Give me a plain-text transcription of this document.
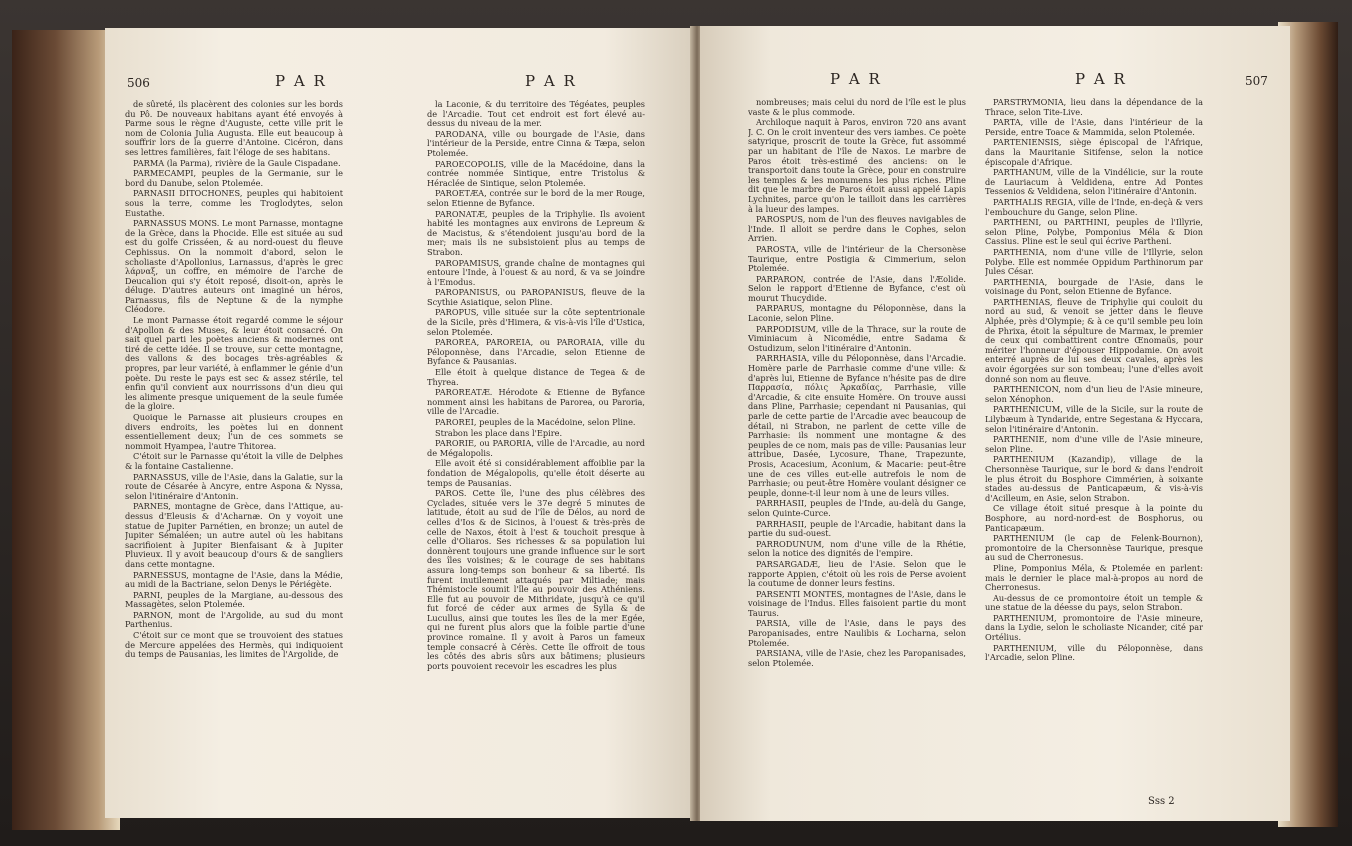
506	P A R	P A R

de sûreté, ils placèrent des colonies sur les bords du Pô. De nouveaux habitans ayant été envoyés à Parme sous le règne d'Auguste, cette ville prit le nom de Colonia Julia Augusta. Elle eut beaucoup à souffrir lors de la guerre d'Antoine. Cicéron, dans ses lettres familières, fait l'éloge de ses habitans.

PARMA (la Parma), rivière de la Gaule Cispadane.

PARMECAMPI, peuples de la Germanie, sur le bord du Danube, selon Ptolemée.

PARNASII DITOCHONES, peuples qui habitoient sous la terre, comme les Troglodytes, selon Eustathe.

PARNASSUS MONS. Le mont Parnasse, montagne de la Grèce, dans la Phocide. Elle est située au sud est du golfe Crisséen, & au nord-ouest du fleuve Cephissus. On la nommoit d'abord, selon le scholiaste d'Apollonius, Larnassus, d'après le grec λάρναξ, un coffre, en mémoire de l'arche de Deucalion qui s'y étoit reposé, disoit-on, après le déluge. D'autres auteurs ont imaginé un héros, Parnassus, fils de Neptune & de la nymphe Cléodore.

Le mont Parnasse étoit regardé comme le séjour d'Apollon & des Muses, & leur étoit consacré. On sait quel parti les poètes anciens & modernes ont tiré de cette idée. Il se trouve, sur cette montagne, des vallons & des bocages très-agréables & propres, par leur variété, à enflammer le génie d'un poète. Du reste le pays est sec & assez stérile, tel enfin qu'il convient aux nourrissons d'un dieu qui les alimente presque uniquement de la seule fumée de la gloire.

Quoique le Parnasse ait plusieurs croupes en divers endroits, les poètes lui en donnent essentiellement deux; l'un de ces sommets se nommoit Hyampea, l'autre Thitorea.

C'étoit sur le Parnasse qu'étoit la ville de Delphes & la fontaine Castalienne.

PARNASSUS, ville de l'Asie, dans la Galatie, sur la route de Césarée à Ancyre, entre Aspona & Nyssa, selon l'itinéraire d'Antonin.

PARNES, montagne de Grèce, dans l'Attique, au-dessus d'Eleusis & d'Acharnæ. On y voyoit une statue de Jupiter Parnétien, en bronze; un autel de Jupiter Sémaléen; un autre autel où les habitans sacrifioient à Jupiter Bienfaisant & à Jupiter Pluvieux. Il y avoit beaucoup d'ours & de sangliers dans cette montagne.

PARNESSUS, montagne de l'Asie, dans la Médie, au midi de la Bactriane, selon Denys le Périégète.

PARNI, peuples de la Margiane, au-dessous des Massagètes, selon Ptolemée.

PARNON, mont de l'Argolide, au sud du mont Parthenius.

C'étoit sur ce mont que se trouvoient des statues de Mercure appelées des Hermès, qui indiquoient du temps de Pausanias, les limites de l'Argolide, de

la Laconie, & du territoire des Tégéates, peuples de l'Arcadie. Tout cet endroit est fort élevé au-dessus du niveau de la mer.

PARODANA, ville ou bourgade de l'Asie, dans l'intérieur de la Perside, entre Cinna & Tæpa, selon Ptolemée.

PAROECOPOLIS, ville de la Macédoine, dans la contrée nommée Sintique, entre Tristolus & Héraclée de Sintique, selon Ptolemée.

PAROETÆA, contrée sur le bord de la mer Rouge, selon Etienne de Byfance.

PARONATÆ, peuples de la Triphylie. Ils avoient habité les montagnes aux environs de Lepreum & de Macistus, & s'étendoient jusqu'au bord de la mer; mais ils ne subsistoient plus au temps de Strabon.

PAROPAMISUS, grande chaîne de montagnes qui entoure l'Inde, à l'ouest & au nord, & va se joindre à l'Emodus.

PAROPANISUS, ou PAROPANISUS, fleuve de la Scythie Asiatique, selon Pline.

PAROPUS, ville située sur la côte septentrionale de la Sicile, près d'Himera, & vis-à-vis l'île d'Ustica, selon Ptolemée.

PAROREA, PAROREIA, ou PARORAIA, ville du Péloponnèse, dans l'Arcadie, selon Etienne de Byfance & Pausanias.

Elle étoit à quelque distance de Tegea & de Thyrea.

PAROREATÆ. Hérodote & Etienne de Byfance nomment ainsi les habitans de Parorea, ou Paroria, ville de l'Arcadie.

PAROREI, peuples de la Macédoine, selon Pline.

Strabon les place dans l'Epire.

PARORIE, ou PARORIA, ville de l'Arcadie, au nord de Mégalopolis.

Elle avoit été si considérablement affoiblie par la fondation de Mégalopolis, qu'elle étoit déserte au temps de Pausanias.

PAROS. Cette île, l'une des plus célèbres des Cyclades, située vers le 37e degré 5 minutes de latitude, étoit au sud de l'île de Délos, au nord de celles d'Ios & de Sicinos, à l'ouest & très-près de celle de Naxos, étoit à l'est & touchoit presque à celle d'Oliaros. Ses richesses & sa population lui donnèrent toujours une grande influence sur le sort des îles voisines; & le courage de ses habitans assura long-temps son bonheur & sa liberté. Ils furent inutilement attaqués par Miltiade; mais Thémistocle soumit l'île au pouvoir des Athéniens. Elle fut au pouvoir de Mithridate, jusqu'à ce qu'il fut forcé de céder aux armes de Sylla & de Lucullus, ainsi que toutes les îles de la mer Egée, qui ne furent plus alors que la foible partie d'une province romaine. Il y avoit à Paros un fameux temple consacré à Cérès. Cette île offroit de tous les côtés des abris sûrs aux bâtimens; plusieurs ports pouvoient recevoir les escadres les plus

P A R	P A R	507

nombreuses; mais celui du nord de l'île est le plus vaste & le plus commode.

Archiloque naquit à Paros, environ 720 ans avant J. C. On le croit inventeur des vers iambes. Ce poète satyrique, proscrit de toute la Grèce, fut assommé par un habitant de l'île de Naxos. Le marbre de Paros étoit très-estimé des anciens: on le transportoit dans toute la Grèce, pour en construire les temples & les monumens les plus riches. Pline dit que le marbre de Paros étoit aussi appelé Lapis Lychnites, parce qu'on le tailloit dans les carrières à la lueur des lampes.

PAROSPUS, nom de l'un des fleuves navigables de l'Inde. Il alloit se perdre dans le Cophes, selon Arrien.

PAROSTA, ville de l'intérieur de la Chersonèse Taurique, entre Postigia & Cimmerium, selon Ptolemée.

PARPARON, contrée de l'Asie, dans l'Æolide. Selon le rapport d'Etienne de Byfance, c'est où mourut Thucydide.

PARPARUS, montagne du Péloponnèse, dans la Laconie, selon Pline.

PARPODISUM, ville de la Thrace, sur la route de Viminiacum à Nicomédie, entre Sadama & Ostudizum, selon l'itinéraire d'Antonin.

PARRHASIA, ville du Péloponnèse, dans l'Arcadie. Homère parle de Parrhasie comme d'une ville: & d'après lui, Etienne de Byfance n'hésite pas de dire Παρρασία, πόλις Ἀρκαδίας, Parrhasie, ville d'Arcadie, & cite ensuite Homère. On trouve aussi dans Pline, Parrhasie; cependant ni Pausanias, qui parle de cette partie de l'Arcadie avec beaucoup de détail, ni Strabon, ne parlent de cette ville de Parrhasie: ils nomment une montagne & des peuples de ce nom, mais pas de ville: Pausanias leur attribue, Dasée, Lycosure, Thane, Trapezunte, Prosis, Acacesium, Aconium, & Macarie: peut-être une de ces villes eut-elle autrefois le nom de Parrhasie; ou peut-être Homère voulant désigner ce peuple, donne-t-il leur nom à une de leurs villes.

PARRHASII, peuples de l'Inde, au-delà du Gange, selon Quinte-Curce.

PARRHASII, peuple de l'Arcadie, habitant dans la partie du sud-ouest.

PARRODUNUM, nom d'une ville de la Rhétie, selon la notice des dignités de l'empire.

PARSARGADÆ, lieu de l'Asie. Selon que le rapporte Appien, c'étoit où les rois de Perse avoient la coutume de donner leurs festins.

PARSENTI MONTES, montagnes de l'Asie, dans le voisinage de l'Indus. Elles faisoient partie du mont Taurus.

PARSIA, ville de l'Asie, dans le pays des Paropanisades, entre Naulibis & Locharna, selon Ptolemée.

PARSIANA, ville de l'Asie, chez les Paropanisades, selon Ptolemée.

PARSTRYMONIA, lieu dans la dépendance de la Thrace, selon Tite-Live.

PARTA, ville de l'Asie, dans l'intérieur de la Perside, entre Toace & Mammida, selon Ptolemée.

PARTENIENSIS, siège épiscopal de l'Afrique, dans la Mauritanie Sitifense, selon la notice épiscopale d'Afrique.

PARTHANUM, ville de la Vindélicie, sur la route de Lauriacum à Veldidena, entre Ad Pontes Tessenios & Veldidena, selon l'itinéraire d'Antonin.

PARTHALIS REGIA, ville de l'Inde, en-deçà & vers l'embouchure du Gange, selon Pline.

PARTHENI, ou PARTHINI, peuples de l'Illyrie, selon Pline, Polybe, Pomponius Méla & Dion Cassius. Pline est le seul qui écrive Partheni.

PARTHENIA, nom d'une ville de l'Illyrie, selon Polybe. Elle est nommée Oppidum Parthinorum par Jules César.

PARTHENIA, bourgade de l'Asie, dans le voisinage du Pont, selon Etienne de Byfance.

PARTHENIAS, fleuve de Triphylie qui couloit du nord au sud, & venoit se jetter dans le fleuve Alphée, près d'Olympie; & à ce qu'il semble peu loin de Phrixa, étoit la sépulture de Marmax, le premier de ceux qui combattirent contre Œnomaüs, pour mériter l'honneur d'épouser Hippodamie. On avoit enterré auprès de lui ses deux cavales, après les avoir égorgées sur son tombeau; l'une d'elles avoit donné son nom au fleuve.

PARTHENICON, nom d'un lieu de l'Asie mineure, selon Xénophon.

PARTHENICUM, ville de la Sicile, sur la route de Lilybæum à Tyndaride, entre Segestana & Hyccara, selon l'itinéraire d'Antonin.

PARTHENIE, nom d'une ville de l'Asie mineure, selon Pline.

PARTHENIUM (Kazandip), village de la Chersonnèse Taurique, sur le bord & dans l'endroit le plus étroit du Bosphore Cimmérien, à soixante stades au-dessus de Panticapæum, & vis-à-vis d'Acilleum, en Asie, selon Strabon.

Ce village étoit situé presque à la pointe du Bosphore, au nord-nord-est de Bosphorus, ou Panticapæum.

PARTHENIUM (le cap de Felenk-Bournon), promontoire de la Chersonnèse Taurique, presque au sud de Cherronesus.

Pline, Pomponius Méla, & Ptolemée en parlent: mais le dernier le place mal-à-propos au nord de Cherronesus.

Au-dessus de ce promontoire étoit un temple & une statue de la déesse du pays, selon Strabon.

PARTHENIUM, promontoire de l'Asie mineure, dans la Lydie, selon le scholiaste Nicander, cité par Ortélius.

PARTHENIUM, ville du Péloponnèse, dans l'Arcadie, selon Pline.

Sss 2
